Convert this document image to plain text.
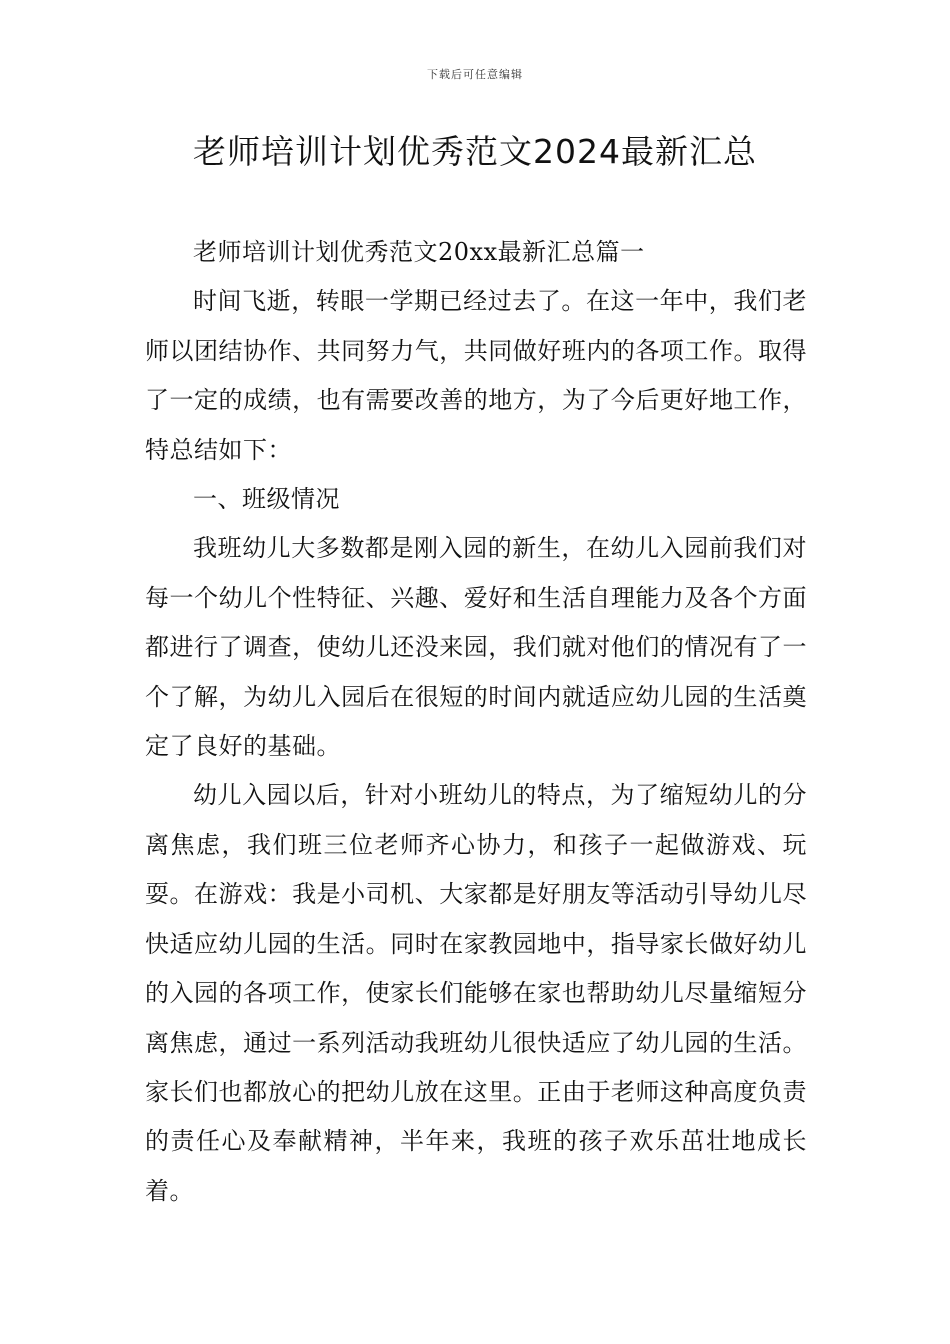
下载后可任意编辑
老师培训计划优秀范文2024最新汇总

老师培训计划优秀范文20xx最新汇总篇一

时间飞逝，转眼一学期已经过去了。在这一年中，我们老师以团结协作、共同努力气，共同做好班内的各项工作。取得了一定的成绩，也有需要改善的地方，为了今后更好地工作，特总结如下：

一、班级情况

我班幼儿大多数都是刚入园的新生，在幼儿入园前我们对每一个幼儿个性特征、兴趣、爱好和生活自理能力及各个方面都进行了调查，使幼儿还没来园，我们就对他们的情况有了一个了解，为幼儿入园后在很短的时间内就适应幼儿园的生活奠定了良好的基础。

幼儿入园以后，针对小班幼儿的特点，为了缩短幼儿的分离焦虑，我们班三位老师齐心协力，和孩子一起做游戏、玩耍。在游戏：我是小司机、大家都是好朋友等活动引导幼儿尽快适应幼儿园的生活。同时在家教园地中，指导家长做好幼儿的入园的各项工作，使家长们能够在家也帮助幼儿尽量缩短分离焦虑，通过一系列活动我班幼儿很快适应了幼儿园的生活。家长们也都放心的把幼儿放在这里。正由于老师这种高度负责的责任心及奉献精神，半年来，我班的孩子欢乐茁壮地成长着。
